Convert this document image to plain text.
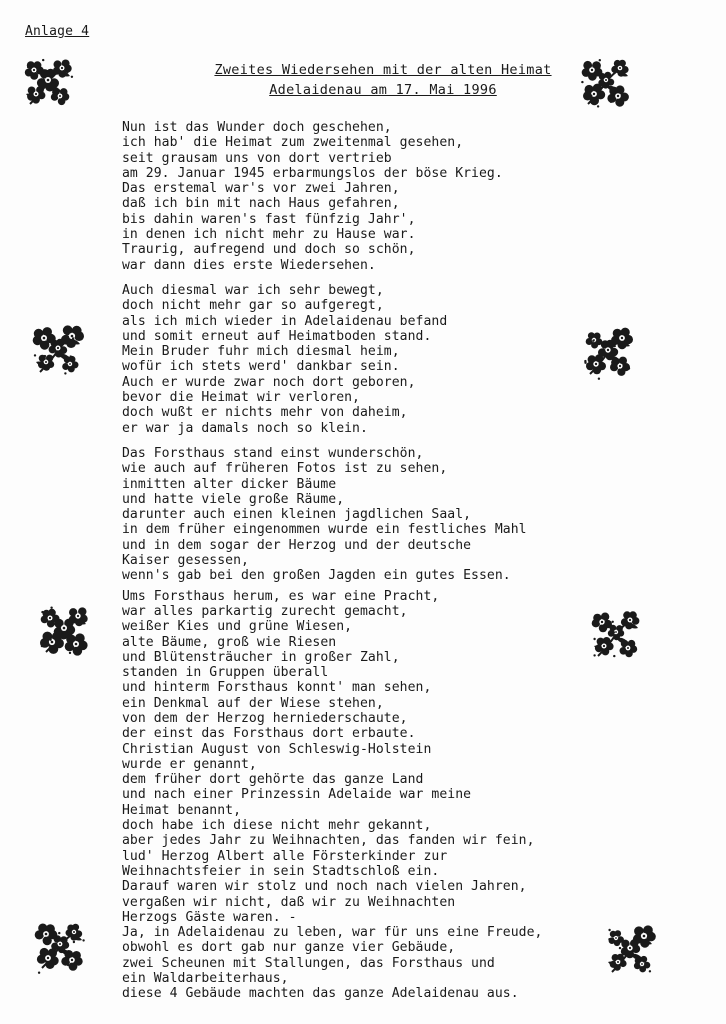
Anlage 4
Zweites Wiedersehen mit der alten Heimat
Adelaidenau am 17. Mai 1996
Nun ist das Wunder doch geschehen,
ich hab' die Heimat zum zweitenmal gesehen,
seit grausam uns von dort vertrieb
am 29. Januar 1945 erbarmungslos der böse Krieg.
Das erstemal war's vor zwei Jahren,
daß ich bin mit nach Haus gefahren,
bis dahin waren's fast fünfzig Jahr',
in denen ich nicht mehr zu Hause war.
Traurig, aufregend und doch so schön,
war dann dies erste Wiedersehen.
Auch diesmal war ich sehr bewegt,
doch nicht mehr gar so aufgeregt,
als ich mich wieder in Adelaidenau befand
und somit erneut auf Heimatboden stand.
Mein Bruder fuhr mich diesmal heim,
wofür ich stets werd' dankbar sein.
Auch er wurde zwar noch dort geboren,
bevor die Heimat wir verloren,
doch wußt er nichts mehr von daheim,
er war ja damals noch so klein.
Das Forsthaus stand einst wunderschön,
wie auch auf früheren Fotos ist zu sehen,
inmitten alter dicker Bäume
und hatte viele große Räume,
darunter auch einen kleinen jagdlichen Saal,
in dem früher eingenommen wurde ein festliches Mahl
und in dem sogar der Herzog und der deutsche
Kaiser gesessen,
wenn's gab bei den großen Jagden ein gutes Essen.
Ums Forsthaus herum, es war eine Pracht,
war alles parkartig zurecht gemacht,
weißer Kies und grüne Wiesen,
alte Bäume, groß wie Riesen
und Blütensträucher in großer Zahl,
standen in Gruppen überall
und hinterm Forsthaus konnt' man sehen,
ein Denkmal auf der Wiese stehen,
von dem der Herzog herniederschaute,
der einst das Forsthaus dort erbaute.
Christian August von Schleswig-Holstein
wurde er genannt,
dem früher dort gehörte das ganze Land
und nach einer Prinzessin Adelaide war meine
Heimat benannt,
doch habe ich diese nicht mehr gekannt,
aber jedes Jahr zu Weihnachten, das fanden wir fein,
lud' Herzog Albert alle Försterkinder zur
Weihnachtsfeier in sein Stadtschloß ein.
Darauf waren wir stolz und noch nach vielen Jahren,
vergaßen wir nicht, daß wir zu Weihnachten
Herzogs Gäste waren. -
Ja, in Adelaidenau zu leben, war für uns eine Freude,
obwohl es dort gab nur ganze vier Gebäude,
zwei Scheunen mit Stallungen, das Forsthaus und
ein Waldarbeiterhaus,
diese 4 Gebäude machten das ganze Adelaidenau aus.
